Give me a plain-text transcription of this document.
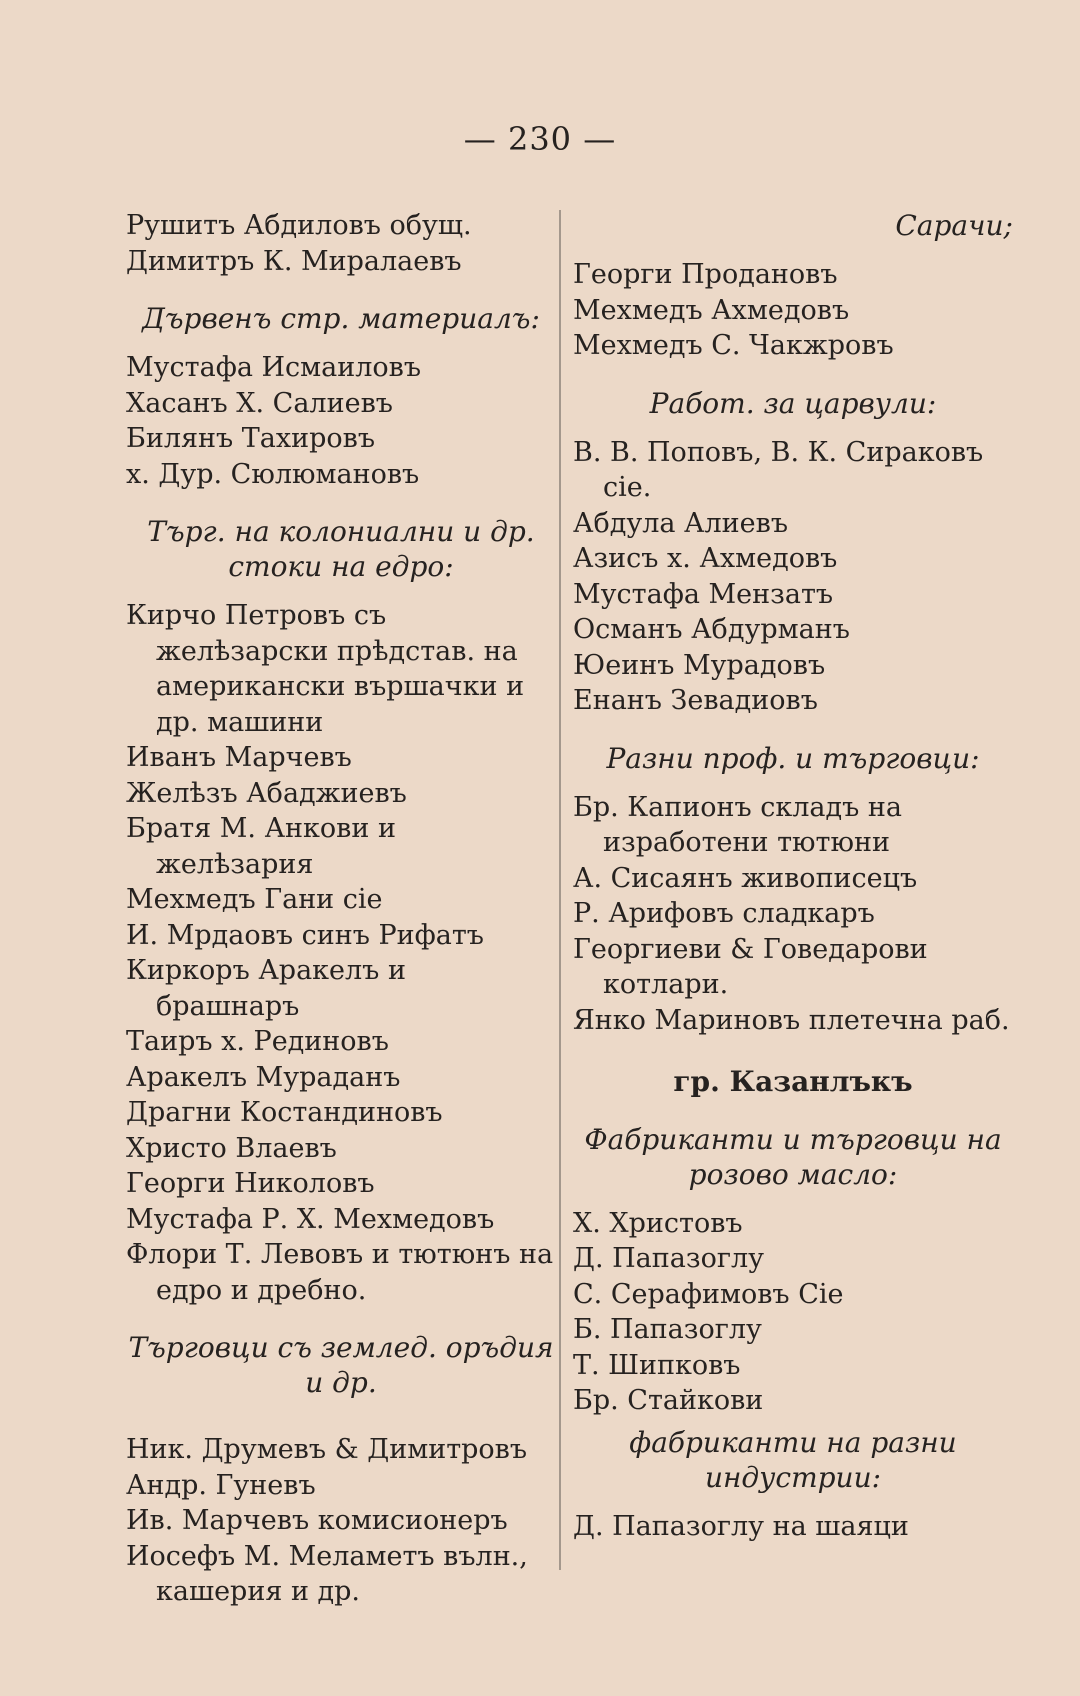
— 230 —
Рушитъ Абдиловъ обущ.
Димитръ К. Миралаевъ
Дървенъ стр. материалъ:
Мустафа Исмаиловъ
Хасанъ Х. Салиевъ
Билянъ Тахировъ
х. Дур. Сюлюмановъ
Търг. на колониални и др. стоки на едро:
Кирчо Петровъ съ желѣзарски прѣдстав. на американски вършачки и др. машини
Иванъ Марчевъ
Желѣзъ Абаджиевъ
Братя М. Анкови и желѣзария
Мехмедъ Гани сiе
И. Мрдаовъ синъ Рифатъ
Киркоръ Аракелъ и брашнаръ
Таиръ х. Рединовъ
Аракелъ Мураданъ
Драгни Костандиновъ
Христо Влаевъ
Георги Николовъ
Мустафа Р. Х. Мехмедовъ
Флори Т. Левовъ и тютюнъ на едро и дребно.
Търговци съ землед. оръдия и др.
Ник. Друмевъ & Димитровъ
Андр. Гуневъ
Ив. Марчевъ комисионеръ
Иосефъ М. Меламетъ вълн., кашерия и др.
Сарачи;
Георги Продановъ
Мехмедъ Ахмедовъ
Мехмедъ С. Чакжровъ
Работ. за царвули:
В. В. Поповъ, В. К. Сираковъ сiе.
Абдула Алиевъ
Азисъ х. Ахмедовъ
Мустафа Мензатъ
Османъ Абдурманъ
Юеинъ Мурадовъ
Енанъ Зевадиовъ
Разни проф. и търговци:
Бр. Капионъ складъ на изработени тютюни
А. Сисаянъ живописецъ
Р. Арифовъ сладкаръ
Георгиеви & Говедарови котлари.
Янко Мариновъ плетечна раб.
гр. Казанлъкъ
Фабриканти и търговци на розово масло:
Х. Христовъ
Д. Папазоглу
С. Серафимовъ Сiе
Б. Папазоглу
Т. Шипковъ
Бр. Стайкови
фабриканти на разни индустрии:
Д. Папазоглу на шаяци
